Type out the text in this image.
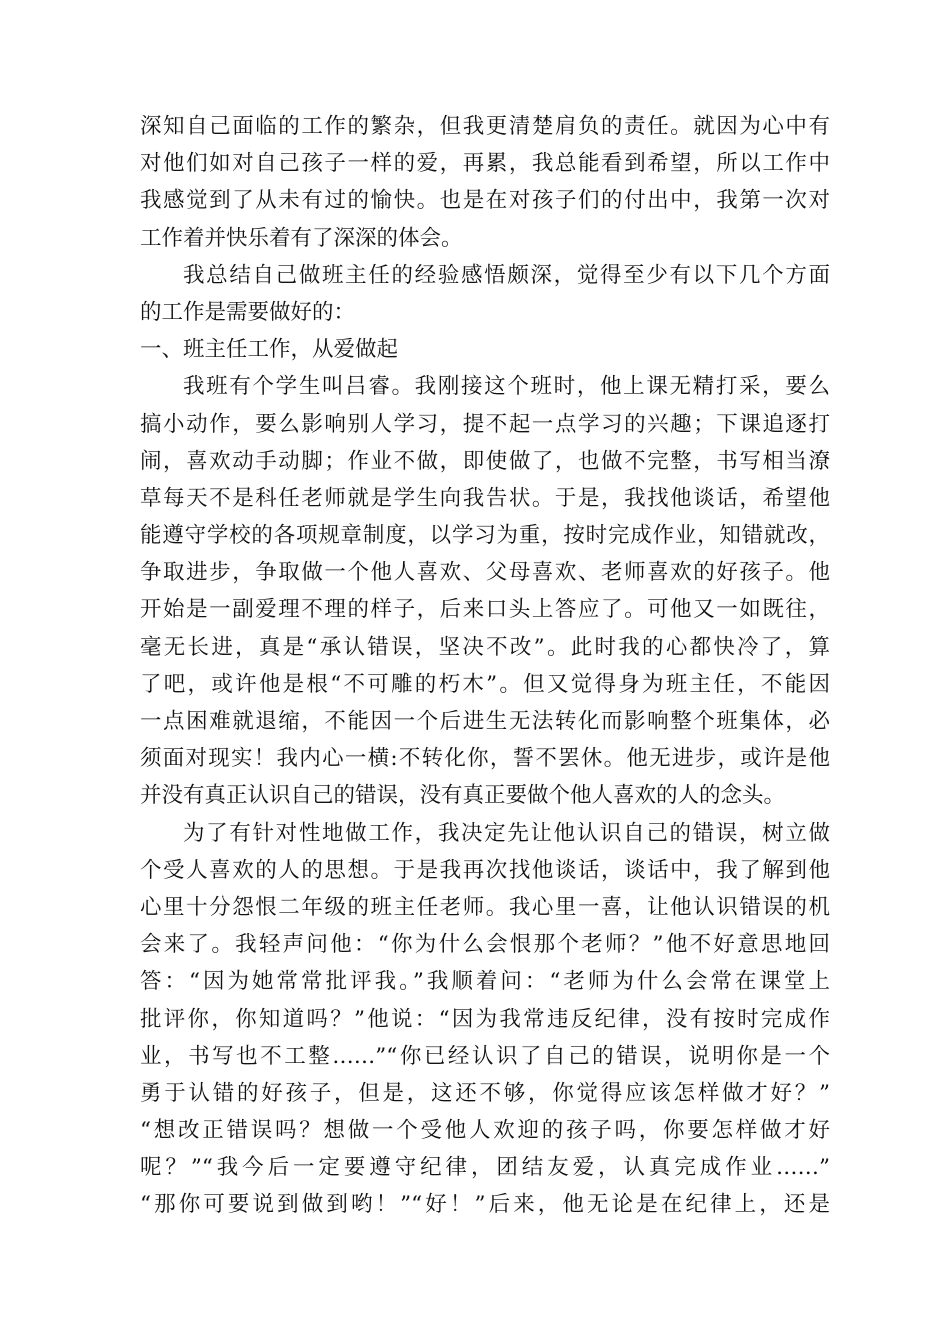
深知自己面临的工作的繁杂，但我更清楚肩负的责任。就因为心中有
对他们如对自己孩子一样的爱，再累，我总能看到希望，所以工作中
我感觉到了从未有过的愉快。也是在对孩子们的付出中，我第一次对
工作着并快乐着有了深深的体会。
我总结自己做班主任的经验感悟颇深，觉得至少有以下几个方面
的工作是需要做好的：
一、班主任工作，从爱做起
我班有个学生叫吕睿。我刚接这个班时，他上课无精打采，要么
搞小动作，要么影响别人学习，提不起一点学习的兴趣；下课追逐打
闹，喜欢动手动脚；作业不做，即使做了，也做不完整，书写相当潦
草每天不是科任老师就是学生向我告状。于是，我找他谈话，希望他
能遵守学校的各项规章制度，以学习为重，按时完成作业，知错就改，
争取进步，争取做一个他人喜欢、父母喜欢、老师喜欢的好孩子。他
开始是一副爱理不理的样子，后来口头上答应了。可他又一如既往，
毫无长进，真是“承认错误，坚决不改”。此时我的心都快冷了，算
了吧，或许他是根“不可雕的朽木”。但又觉得身为班主任，不能因
一点困难就退缩，不能因一个后进生无法转化而影响整个班集体，必
须面对现实！我内心一横:不转化你，誓不罢休。他无进步，或许是他
并没有真正认识自己的错误，没有真正要做个他人喜欢的人的念头。
为了有针对性地做工作，我决定先让他认识自己的错误，树立做
个受人喜欢的人的思想。于是我再次找他谈话，谈话中，我了解到他
心里十分怨恨二年级的班主任老师。我心里一喜，让他认识错误的机
会来了。我轻声问他：“你为什么会恨那个老师？”他不好意思地回
答：“因为她常常批评我。”我顺着问：“老师为什么会常在课堂上
批评你，你知道吗？”他说：“因为我常违反纪律，没有按时完成作
业，书写也不工整……”“你已经认识了自己的错误，说明你是一个
勇于认错的好孩子，但是，这还不够，你觉得应该怎样做才好？”
“想改正错误吗？想做一个受他人欢迎的孩子吗，你要怎样做才好
呢？”“我今后一定要遵守纪律，团结友爱，认真完成作业……”
“那你可要说到做到哟！”“好！”后来，他无论是在纪律上，还是
